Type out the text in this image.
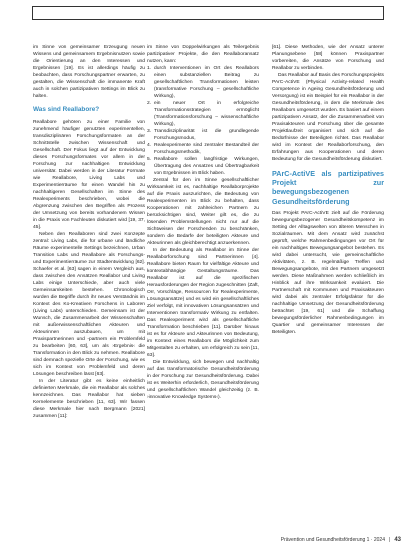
im Sinne von gemeinsamer Erzeugung neuen Wissens und gemeinsamem Ergebnisnutzen sowie die Orientierung an den Interessen und Ergebnissen [19]. Es ist allerdings häufig zu beobachten, dass Forschungspartner erwarten, zu gestalten, die Wissenschaft die immanente Kraft auch in solchen partizipativen Settings im Blick zu halten.

Was sind Reallabore?

Reallabore gehören zu einer Familie von zunehmend häufiger genutzten experimentellen, transdisziplinären Forschungsformaten an der Schnittstelle zwischen Wissenschaft und Gesellschaft. Der Fokus liegt auf der Entwicklung dieses Forschungsformates vor allem in der Forschung zur nachhaltigen Entwicklung universitär. Dabei werden in der Literatur Formate wie Reallabore, Living Labs und Experimentierräume für einen Wandel hin zu nachhaltigeren Gesellschaften im Sinne des Realexperiments beschrieben, wobei die Abgrenzung zwischen den Begriffen als Prozess der Umsetzung von bereits vorhandenem Wissen in die Praxis von Fachleuten diskutiert wird [19, 37, 45].

Neben den Reallaboren sind zwei Konzepte zentral: Living Labs, die für urbane und ländliche Räume experimentelle Settings bezeichnen, Urban Transition Labs und Reallabore als Forschungs- und Experimentierräume zur Stadtentwicklung [62]. Schaefer et al. [63] sagen in einem Vergleich aus, dass zwischen den Ansätzen Reallabor und Living Labs einige Unterschiede, aber auch viele Gemeinsamkeiten bestehen. Chronologisch wurden die Begriffe durch ihr neues Verständnis im Kontext des Ko-Kreativen Forschens in Laboren (Living Labs) unterschieden. Gemeinsam ist der Wunsch, die Zusammenarbeit der Wissenschaften mit außerwissenschaftlichen Akteuren und Akteurinnen auszubauen, um mit Praxispartnerinnen und -partnern ein Problemfeld zu bearbeiten [60, 63], um als ›Ergebnis‹ die Transformation in den Blick zu nehmen. Reallabore sind demnach spezielle Orte der Forschung, wie es sich im Kontext von Problemfeld und deren Lösungen beschreiben lässt [63].

In der Literatur gibt es keine einheitlich definierten Merkmale, die ein Reallabor als solches kennzeichnen. Das Reallabor hat sieben Kernelemente beschrieben [11, 63]. Wir fassen diese Merkmale hier nach Bergmann [2021] zusammen [11]:

im Sinne von Doppelwirkungen als Teilergebnis partizipativer Projekte, die den Reallaboransatz nutzen, kann:

1. durch Interventionen im Ort des Reallabors einen substanziellen Beitrag zu gesellschaftlichen Transformationen leisten (transformative Forschung – gesellschaftliche Wirkung),
2. ein neuer Ort in erfolgreiche Transformationsstrategien ermöglicht (Transformationsforschung – wissenschaftliche Wirkung),
3. Transdisziplinarität ist die grundlegende Forschungsmodus,
4. Realexperimente sind zentraler Bestandteil der Forschungsmethodik,
5. Reallabore sollen langfristige Wirkungen, Übertragung des Ansatzes und Übertragbarkeit von Ergebnissen im Blick haben.

Zentral für den im Sinne gesellschaftlicher Wirksamkeit ist es, nachhaltige Reallaborprojekte auf die Praxis auszurichten, die Bedeutung von Realexperimenten im Blick zu behalten, dass Kooperationen mit zahlreichen Partnern zu berücksichtigen sind, Weiter gilt es, die zu lösenden Problemstellungen nicht nur auf die Sichtweisen der Forschenden zu beschränken, sondern die Bedarfe der beteiligten Akteure und Akteurinnen als gleichberechtigt anzuerkennen.

In der Bedeutung als Reallabor im Sinne der Reallaborforschung sind Partnerinnen [4]. Reallabore bieten Raum für vielfältige Akteure und kontextabhängige Gestaltungsräume. Das Reallabor ist auf die spezifischen Herausforderungen der Region zugeschnitten (Zaft, Orr, Vorschläge, Ressourcen für Realexperimente, Lösungsansätze) und es wird ein gesellschaftliches Ziel verfolgt, mit innovativen Lösungsansätzen und Interventionen transformativ Wirkung zu entfalten. Das Realexperiment wird als gesellschaftliche Transformation beschrieben [11]. Darüber hinaus ist es für Akteure und Akteurinnen von Bedeutung, im Kontext eines Reallabors die Möglichkeit zum Mitgestalten zu erhalten, um erfolgreich zu sein [11, 63].

Die Entwicklung, sich bewegen und nachhaltig auf das transformatorische Gesundheitsförderung in der Forschung zur Gesundheitsförderung. Dabei ist es Weiterhin erforderlich, Gesundheitsförderung und gesellschaftlichen Wandel gleichzeitig (z. B. ›innovative Knowledge Systems‹).

[61]. Diese Methoden, wie der Ansatz unterer Planungsebene [58] können Praxispartner vorbereiten, die Ansätze von Forschung und Reallabor zu verbinden.

Das Reallabor auf Basis des Forschungsprojekts PArC-ActiVE (Physical Activity-related Health Competence in Ageing Gesundheitsförderung und Versorgung) ist ein Beispiel für ein Reallabor in der Gesundheitsförderung, in dem die Merkmale des Reallabors umgesetzt wurden. Es basiert auf einem partizipativen Ansatz, der die Zusammenarbeit von Praxisakteuren und Forschung über die gesamte Projektlaufzeit organisiert und sich auf die Bedürfnisse der Beteiligten richtet. Das Reallabor wird im Kontext der Reallaborforschung, den Erfahrungen aus Kooperationen und deren Bedeutung für die Gesundheitsförderung diskutiert.

PArC-ActiVE als partizipatives Projekt zur bewegungsbezogenen Gesundheitsförderung

Das Projekt PArC-ActiVE zielt auf die Förderung bewegungsbezogener Gesundheitskompetenz im Setting der Alltagswelten von älteren Menschen in Sozialräumen. Mit dem Ansatz wird zunächst geprüft, welche Rahmenbedingungen vor Ort für ein nachhaltiges Bewegungsangebot bestehen. Es wird dabei untersucht, wie gemeinschaftliche Aktivitäten, z. B. regelmäßige Treffen und Bewegungsangebote, mit den Partnern umgesetzt werden. Diese Maßnahmen werden schließlich im Hinblick auf ihre Wirksamkeit evaluiert. Die Partnerschaft mit Kommunen und Praxisakteuren wird dabei als zentraler Erfolgsfaktor für die nachhaltige Umsetzung der Gesundheitsförderung betrachtet [19, 61] und die Schaffung bewegungsförderlicher Rahmenbedingungen im Quartier und gemeinsamer Interessen der Beteiligten.

Prävention und Gesundheitsförderung 1 · 2024 | 43
